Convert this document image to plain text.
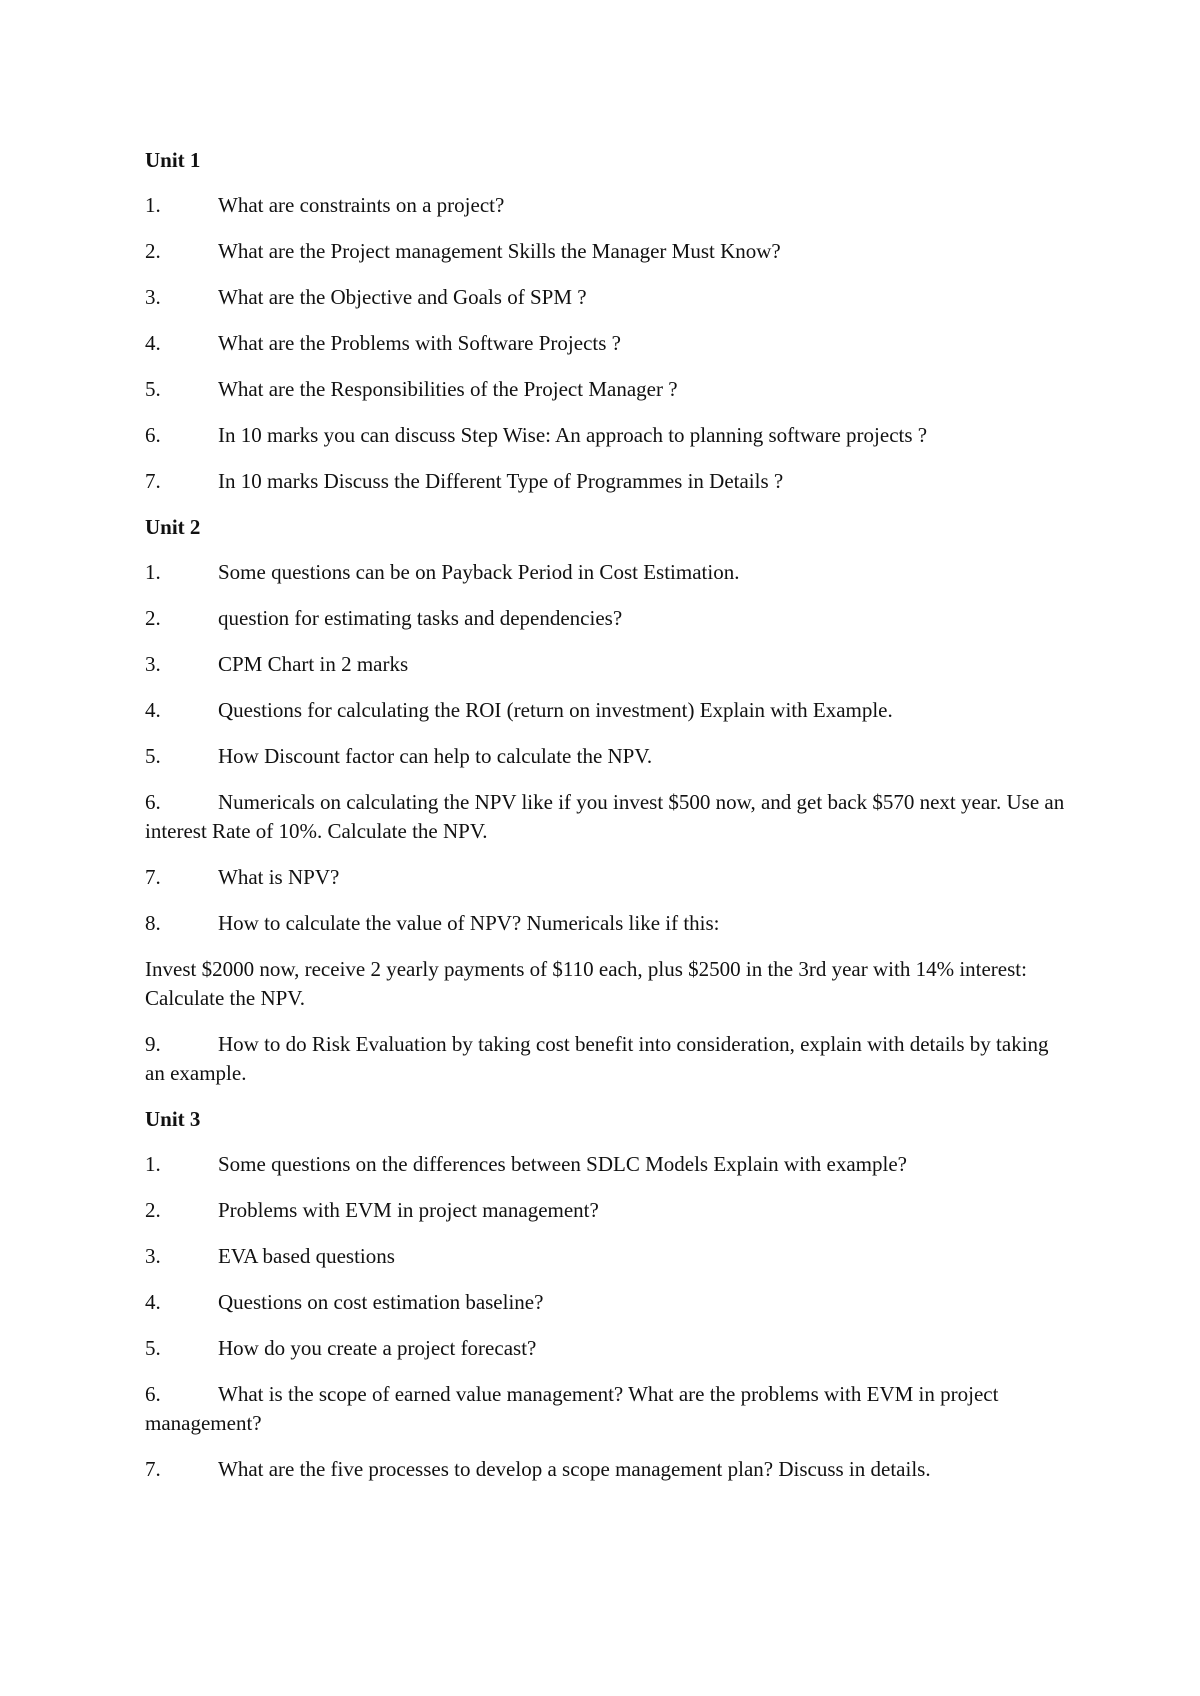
Unit 1
1.	What are constraints on a project?
2.	What are the Project management Skills the Manager Must Know?
3.	What are the Objective and Goals of SPM ?
4.	What are the Problems with Software Projects ?
5.	What are the Responsibilities of the Project Manager ?
6.	In 10 marks you can discuss Step Wise: An approach to planning software projects ?
7.	In 10 marks Discuss the Different Type of Programmes in Details ?
Unit 2
1.	Some questions can be on Payback Period in Cost Estimation.
2.	question for estimating tasks and dependencies?
3.	CPM Chart in 2 marks
4.	Questions for calculating the ROI (return on investment) Explain with Example.
5.	How Discount factor can help to calculate the NPV.
6.	Numericals on calculating the NPV like if you invest $500 now, and get back $570 next year. Use an interest Rate of 10%. Calculate the NPV.
7.	What is NPV?
8.	How to calculate the value of NPV? Numericals like if this:
Invest $2000 now, receive 2 yearly payments of $110 each, plus $2500 in the 3rd year with 14% interest: Calculate the NPV.
9.	How to do Risk Evaluation by taking cost benefit into consideration, explain with details by taking an example.
Unit 3
1.	Some questions on the differences between SDLC Models Explain with example?
2.	Problems with EVM in project management?
3.	EVA based questions
4.	Questions on cost estimation baseline?
5.	How do you create a project forecast?
6.	What is the scope of earned value management? What are the problems with EVM in project management?
7.	What are the five processes to develop a scope management plan? Discuss in details.
